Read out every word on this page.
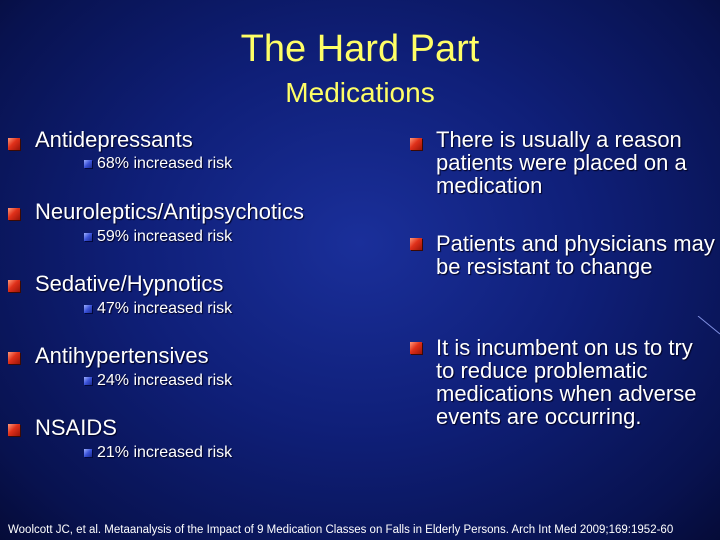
The Hard Part
Medications
Antidepressants
68% increased risk
Neuroleptics/Antipsychotics
59% increased risk
Sedative/Hypnotics
47% increased risk
Antihypertensives
24% increased risk
NSAIDS
21% increased risk
There is usually a reason patients were placed on a medication
Patients and physicians may be resistant to change
It is incumbent on us to try to reduce problematic medications when adverse events are occurring.
Woolcott JC, et al. Metaanalysis of the Impact of 9 Medication Classes on Falls in Elderly Persons. Arch Int Med 2009;169:1952-60
